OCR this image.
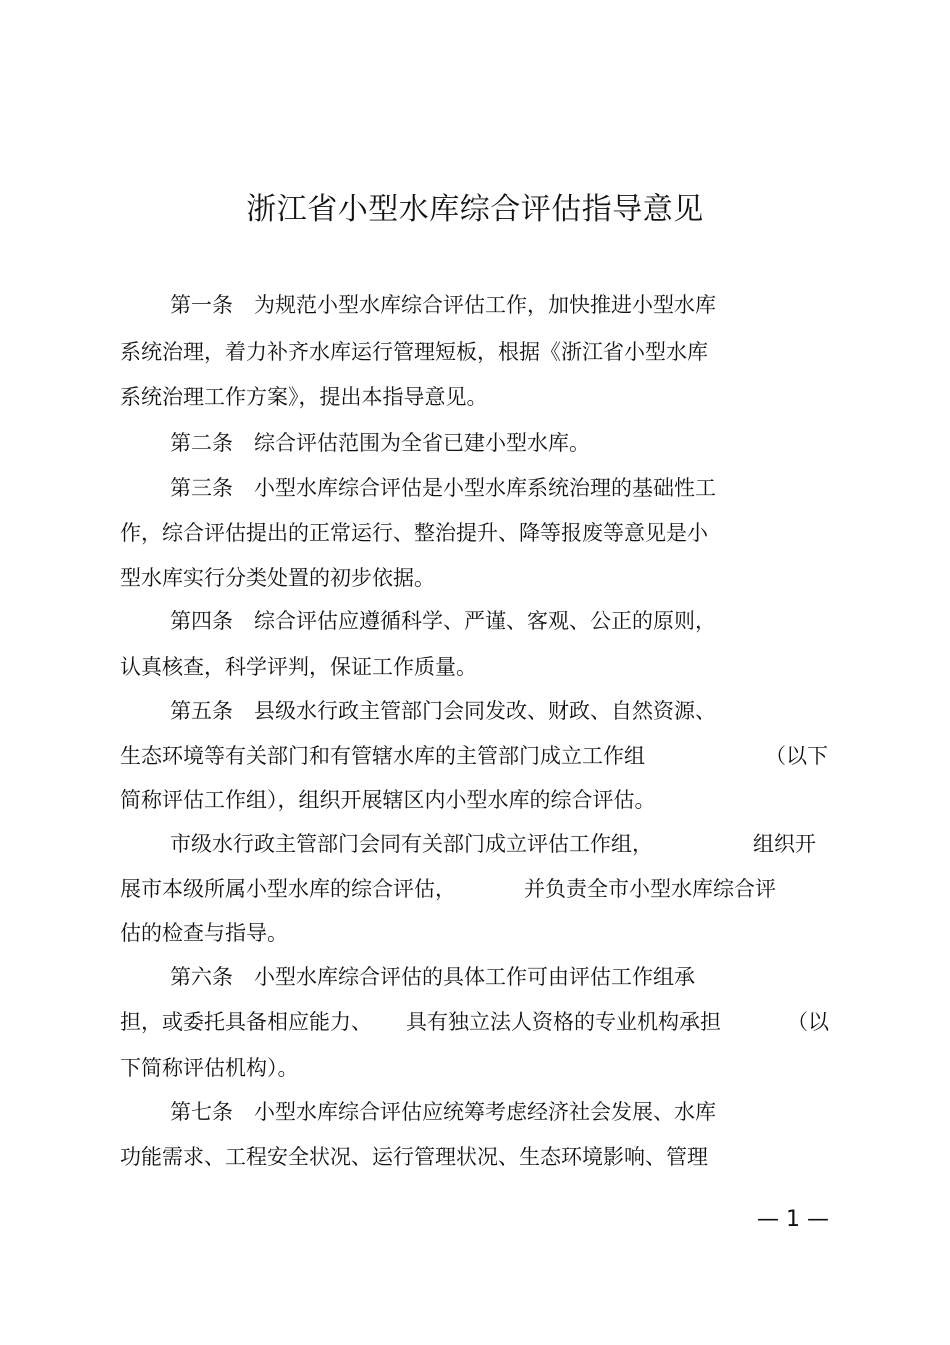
浙江省小型水库综合评估指导意见
第一条　为规范小型水库综合评估工作，加快推进小型水库
系统治理，着力补齐水库运行管理短板，根据《浙江省小型水库
系统治理工作方案》，提出本指导意见。
第二条　综合评估范围为全省已建小型水库。
第三条　小型水库综合评估是小型水库系统治理的基础性工
作，综合评估提出的正常运行、整治提升、降等报废等意见是小
型水库实行分类处置的初步依据。
第四条　综合评估应遵循科学、严谨、客观、公正的原则，
认真核查，科学评判，保证工作质量。
第五条　县级水行政主管部门会同发改、财政、自然资源、
生态环境等有关部门和有管辖水库的主管部门成立工作组	（以下
简称评估工作组），组织开展辖区内小型水库的综合评估。
市级水行政主管部门会同有关部门成立评估工作组，	组织开
展市本级所属小型水库的综合评估，	并负责全市小型水库综合评
估的检查与指导。
第六条　小型水库综合评估的具体工作可由评估工作组承
担，或委托具备相应能力、 具有独立法人资格的专业机构承担	（以
下简称评估机构）。
第七条　小型水库综合评估应统筹考虑经济社会发展、水库
功能需求、工程安全状况、运行管理状况、生态环境影响、管理
— 1 —
